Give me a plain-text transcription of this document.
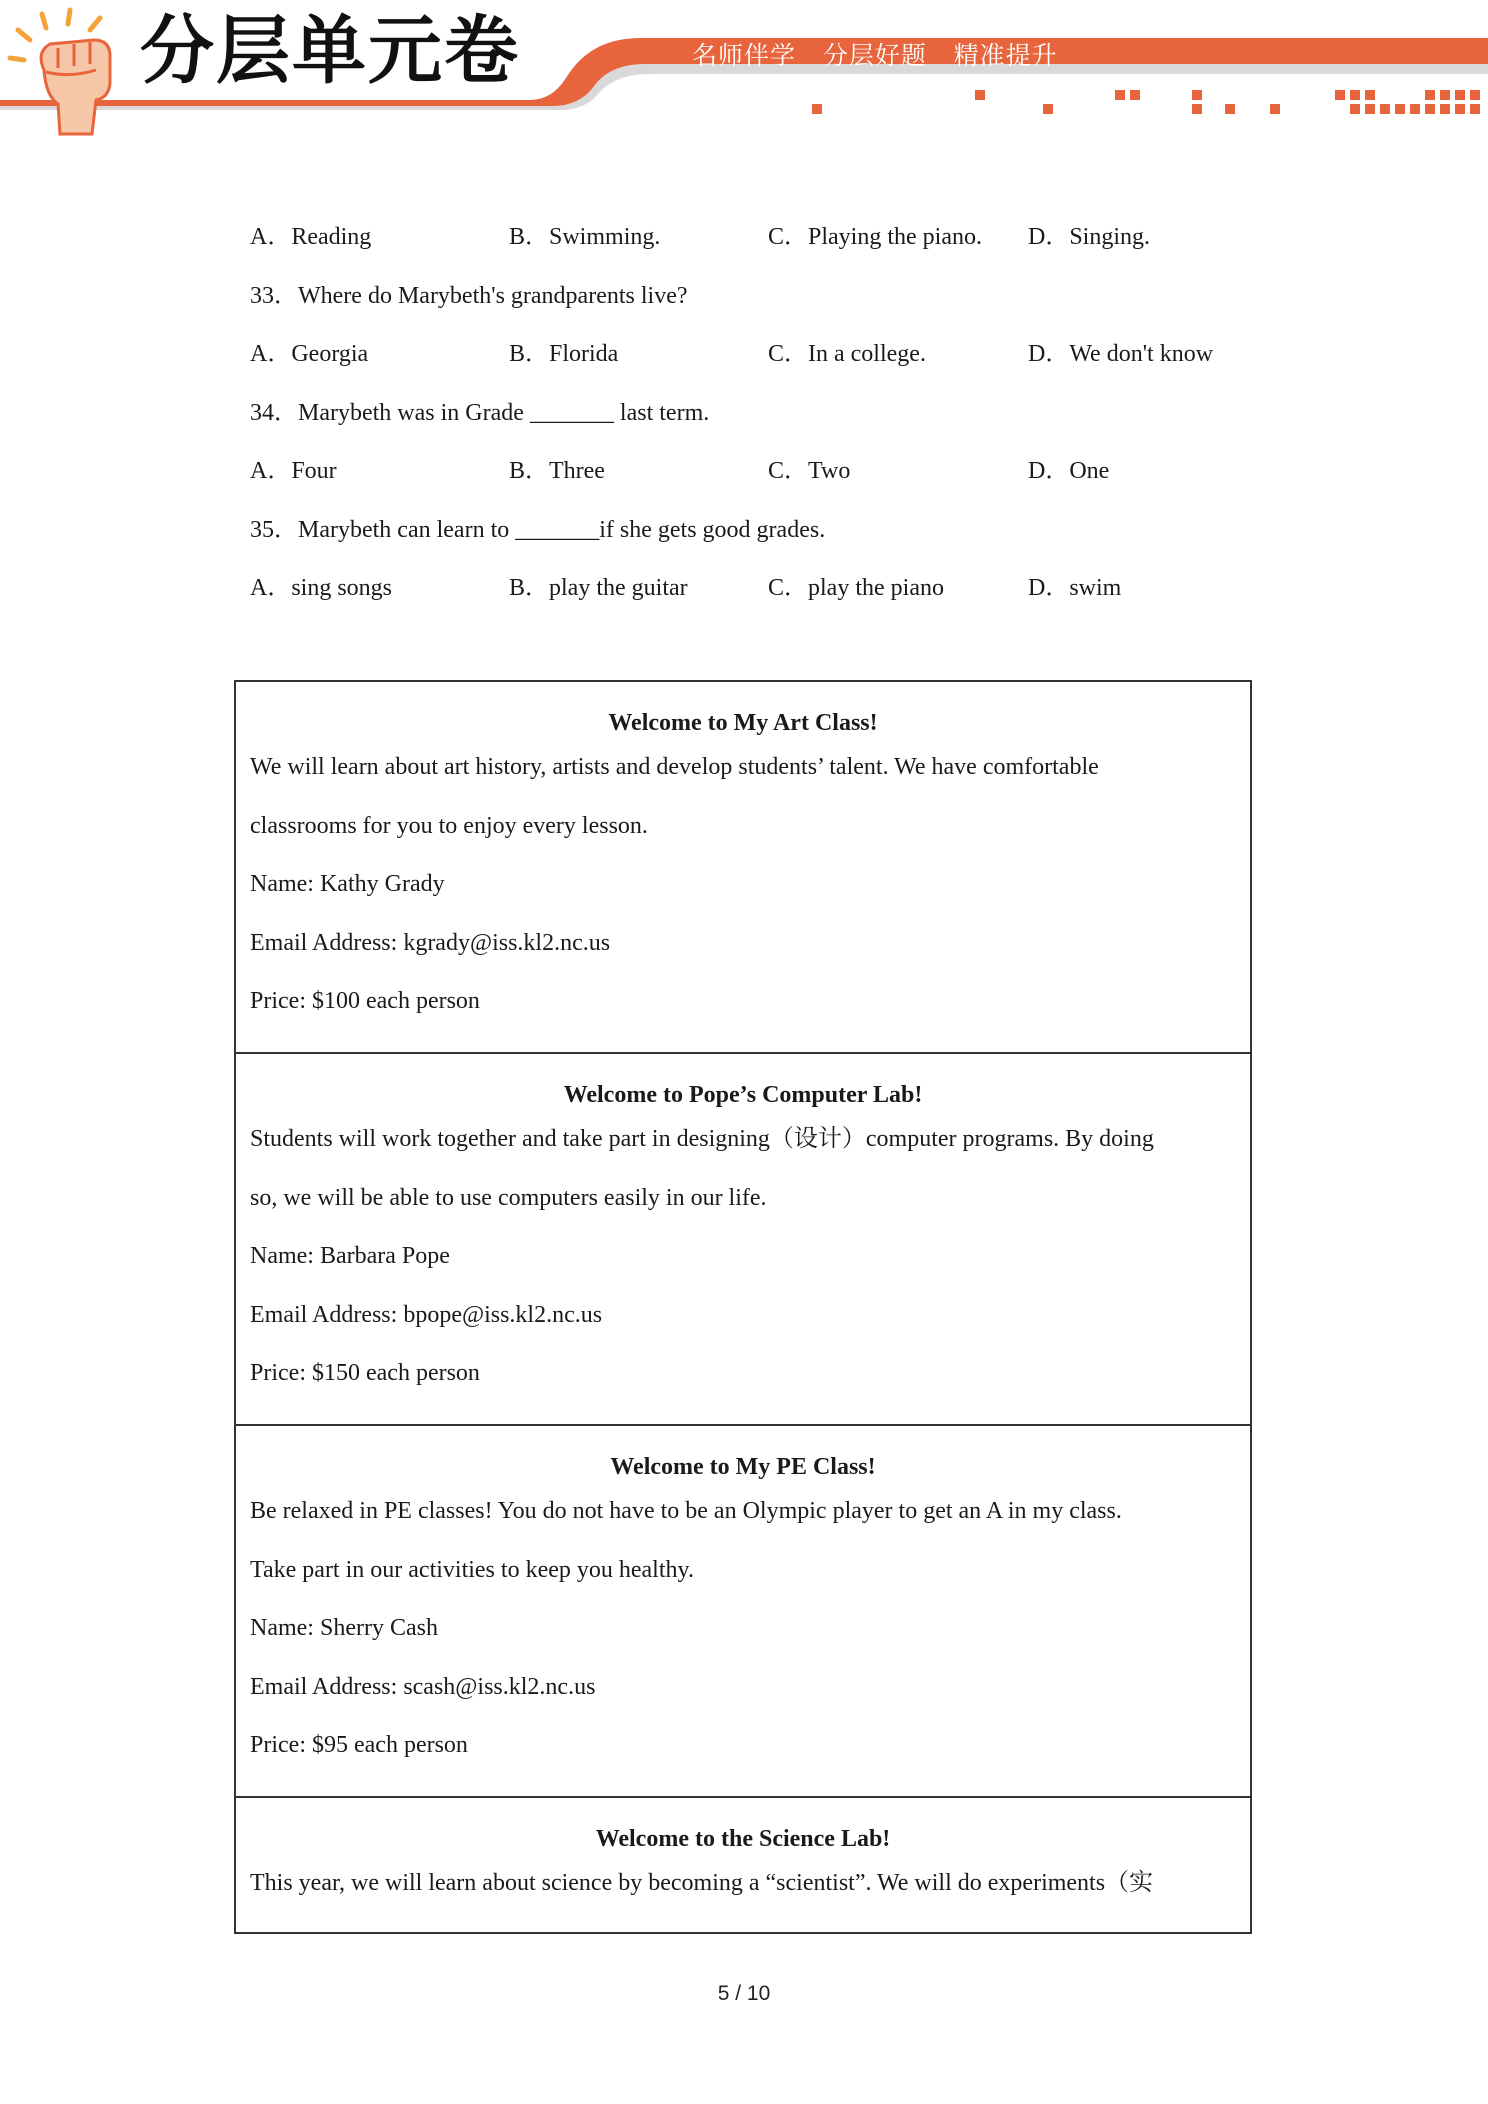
分层单元卷	名师伴学   分层好题   精准提升
A．Reading	B．Swimming.	C．Playing the piano. D．Singing.
33．Where do Marybeth's grandparents live?
A．Georgia	B．Florida	C．In a college.	D．We don't know
34．Marybeth was in Grade _______ last term.
A．Four	B．Three	C．Two	D．One
35．Marybeth can learn to _______if she gets good grades.
A．sing songs	B．play the guitar	C．play the piano	D．swim
Welcome to My Art Class!
We will learn about art history, artists and develop students’ talent. We have comfortable
classrooms for you to enjoy every lesson.
Name: Kathy Grady
Email Address: kgrady@iss.kl2.nc.us
Price: $100 each person
Welcome to Pope’s Computer Lab!
Students will work together and take part in designing（设计）computer programs. By doing
so, we will be able to use computers easily in our life.
Name: Barbara Pope
Email Address: bpope@iss.kl2.nc.us
Price: $150 each person
Welcome to My PE Class!
Be relaxed in PE classes! You do not have to be an Olympic player to get an A in my class.
Take part in our activities to keep you healthy.
Name: Sherry Cash
Email Address: scash@iss.kl2.nc.us
Price: $95 each person
Welcome to the Science Lab!
This year, we will learn about science by becoming a “scientist”. We will do experiments（实
5 / 10
